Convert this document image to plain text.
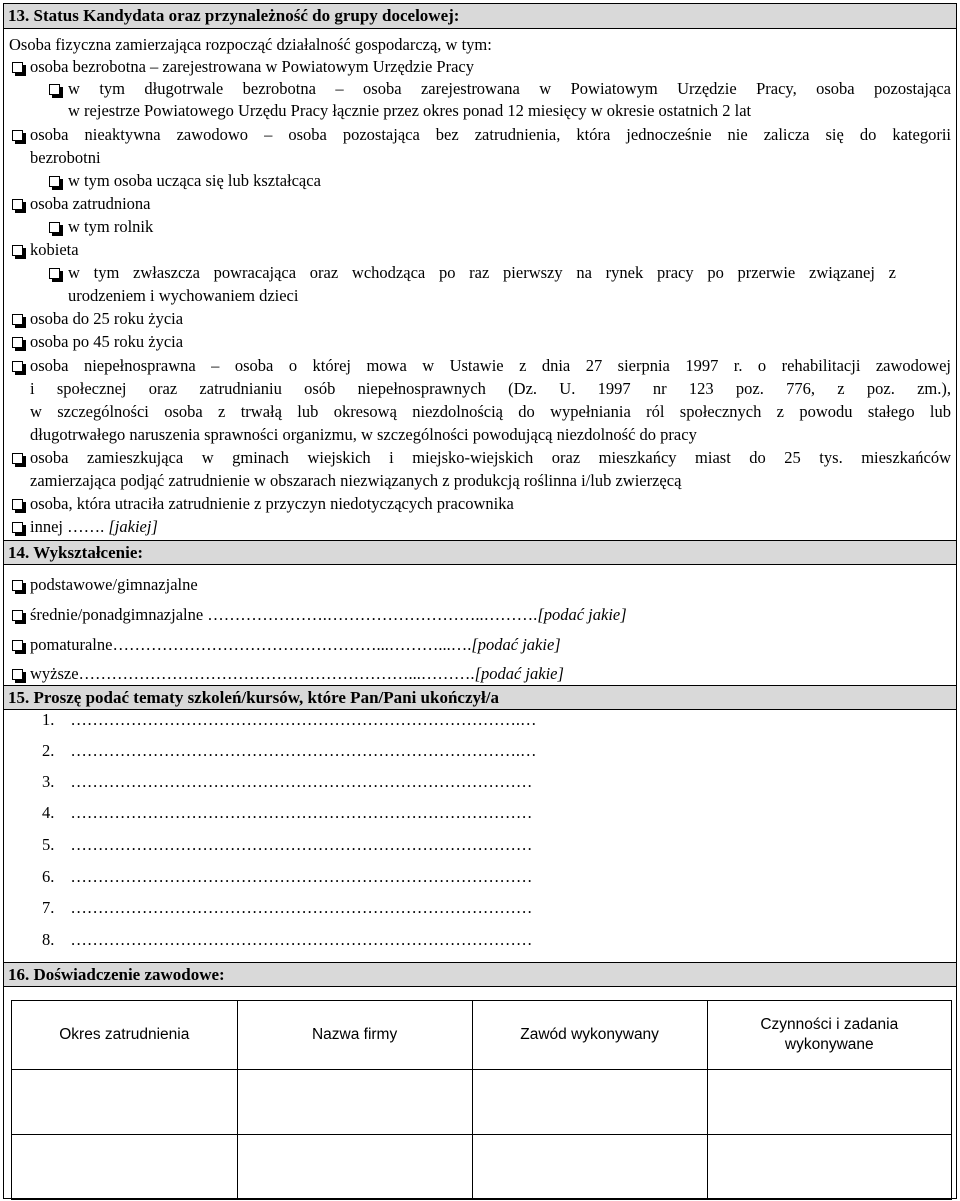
13. Status Kandydata oraz przynależność do grupy docelowej:
Osoba fizyczna zamierzająca rozpocząć działalność gospodarczą, w tym:
osoba bezrobotna – zarejestrowana w Powiatowym Urzędzie Pracy
w tym długotrwale bezrobotna – osoba zarejestrowana w Powiatowym Urzędzie Pracy, osoba pozostająca
w rejestrze Powiatowego Urzędu Pracy łącznie przez okres ponad 12 miesięcy w okresie ostatnich 2 lat
osoba nieaktywna zawodowo – osoba pozostająca bez zatrudnienia, która jednocześnie nie zalicza się do kategorii
bezrobotni
w tym osoba ucząca się lub kształcąca
osoba zatrudniona
w tym rolnik
kobieta
w tym zwłaszcza powracająca oraz wchodząca po raz pierwszy na rynek pracy po przerwie związanej z
urodzeniem i wychowaniem dzieci
osoba do 25 roku życia
osoba po 45 roku życia
osoba niepełnosprawna – osoba o której mowa w Ustawie z dnia 27 sierpnia 1997 r. o rehabilitacji zawodowej
i społecznej oraz zatrudnianiu osób niepełnosprawnych (Dz. U. 1997 nr 123 poz. 776, z poz. zm.),
w szczególności osoba z trwałą lub okresową niezdolnością do wypełniania ról społecznych z powodu stałego lub
długotrwałego naruszenia sprawności organizmu, w szczególności powodującą niezdolność do pracy
osoba zamieszkująca w gminach wiejskich i miejsko-wiejskich oraz mieszkańcy miast do 25 tys. mieszkańców
zamierzająca podjąć zatrudnienie w obszarach niezwiązanych z produkcją roślinna i/lub zwierzęcą
osoba, która utraciła zatrudnienie z przyczyn niedotyczących pracownika
innej ……. [jakiej]
14. Wykształcenie:
podstawowe/gimnazjalne
średnie/ponadgimnazjalne ………………….………………………..……….[podać jakie]
pomaturalne…………………………………………...………...….[podać jakie]
wyższe……………………………………………………...……….[podać jakie]
15. Proszę podać tematy szkoleń/kursów, które Pan/Pani ukończył/a
1. ……………………………………………………………………….…
2. ……………………………………………………………………….…
3. …………………………………………………………………………
4. …………………………………………………………………………
5. …………………………………………………………………………
6. …………………………………………………………………………
7. …………………………………………………………………………
8. …………………………………………………………………………
16. Doświadczenie zawodowe:
Okres zatrudnienia	Nazwa firmy	Zawód wykonywany	Czynności i zadania wykonywane
